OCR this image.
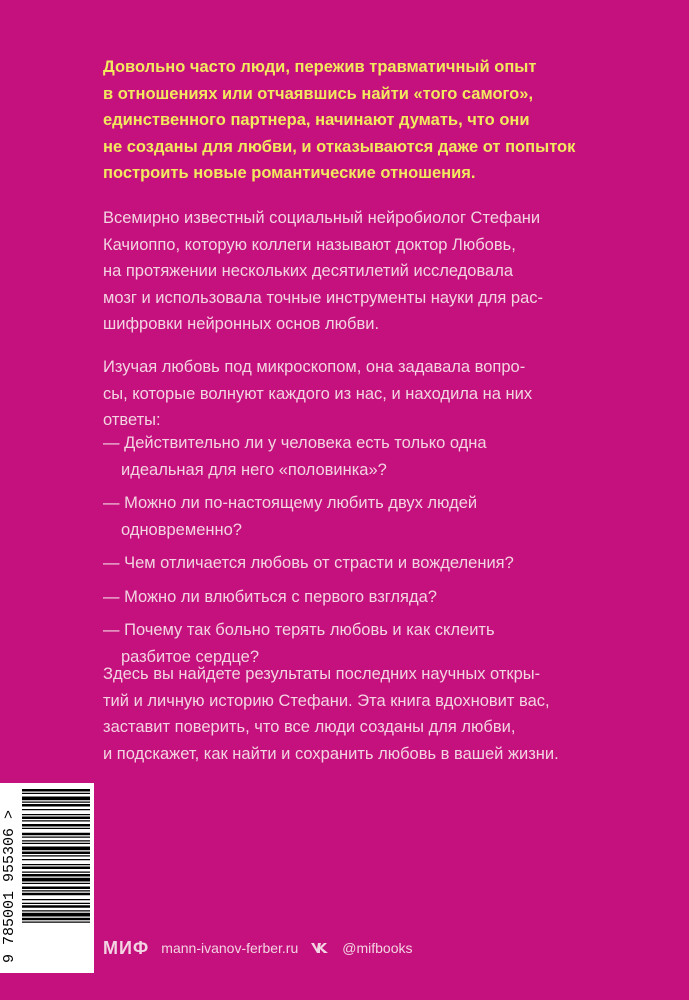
Довольно часто люди, пережив травматичный опыт
в отношениях или отчаявшись найти «того самого»,
единственного партнера, начинают думать, что они
не созданы для любви, и отказываются даже от попыток
построить новые романтические отношения.

Всемирно известный социальный нейробиолог Стефани
Качиоппо, которую коллеги называют доктор Любовь,
на протяжении нескольких десятилетий исследовала
мозг и использовала точные инструменты науки для рас-
шифровки нейронных основ любви.

Изучая любовь под микроскопом, она задавала вопро-
сы, которые волнуют каждого из нас, и находила на них
ответы:

— Действительно ли у человека есть только одна
идеальная для него «половинка»?
— Можно ли по-настоящему любить двух людей
одновременно?
— Чем отличается любовь от страсти и вожделения?
— Можно ли влюбиться с первого взгляда?
— Почему так больно терять любовь и как склеить
разбитое сердце?

Здесь вы найдете результаты последних научных откры-
тий и личную историю Стефани. Эта книга вдохновит вас,
заставит поверить, что все люди созданы для любви,
и подскажет, как найти и сохранить любовь в вашей жизни.

9 785001 955306 >	МИФ mann-ivanov-ferber.ru	@mifbooks
